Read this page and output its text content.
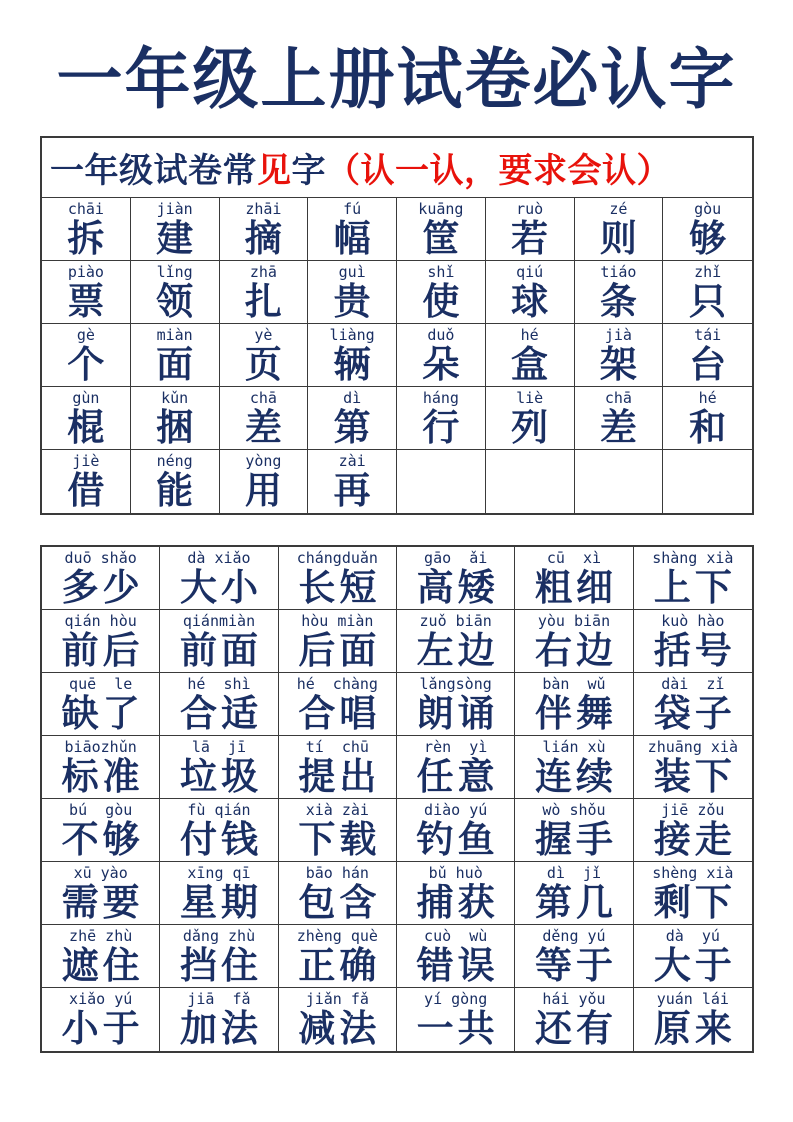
一年级上册试卷必认字
一年级试卷常 见 字 （认一认，要求会认）
chāi
拆
jiàn
建
zhāi
摘
fú
幅
kuāng
筐
ruò
若
zé
则
gòu
够
piào
票
lǐng
领
zhā
扎
guì
贵
shǐ
使
qiú
球
tiáo
条
zhǐ
只
gè
个
miàn
面
yè
页
liàng
辆
duǒ
朵
hé
盒
jià
架
tái
台
gùn
棍
kǔn
捆
chā
差
dì
第
háng
行
liè
列
chā
差
hé
和
jiè
借
néng
能
yòng
用
zài
再
duō shǎo
多少
dà xiǎo
大小
chángduǎn
长短
gāo  ǎi
高矮
cū  xì
粗细
shàng xià
上下
qián hòu
前后
qiánmiàn
前面
hòu miàn
后面
zuǒ biān
左边
yòu biān
右边
kuò hào
括号
quē  le
缺了
hé  shì
合适
hé  chàng
合唱
lǎngsòng
朗诵
bàn  wǔ
伴舞
dài  zǐ
袋子
biāozhǔn
标准
lā  jī
垃圾
tí  chū
提出
rèn  yì
任意
lián xù
连续
zhuāng xià
装下
bú  gòu
不够
fù qián
付钱
xià zài
下载
diào yú
钓鱼
wò shǒu
握手
jiē zǒu
接走
xū yào
需要
xīng qī
星期
bāo hán
包含
bǔ huò
捕获
dì  jǐ
第几
shèng xià
剩下
zhē zhù
遮住
dǎng zhù
挡住
zhèng què
正确
cuò  wù
错误
děng yú
等于
dà  yú
大于
xiǎo yú
小于
jiā  fǎ
加法
jiǎn fǎ
减法
yí gòng
一共
hái yǒu
还有
yuán lái
原来
